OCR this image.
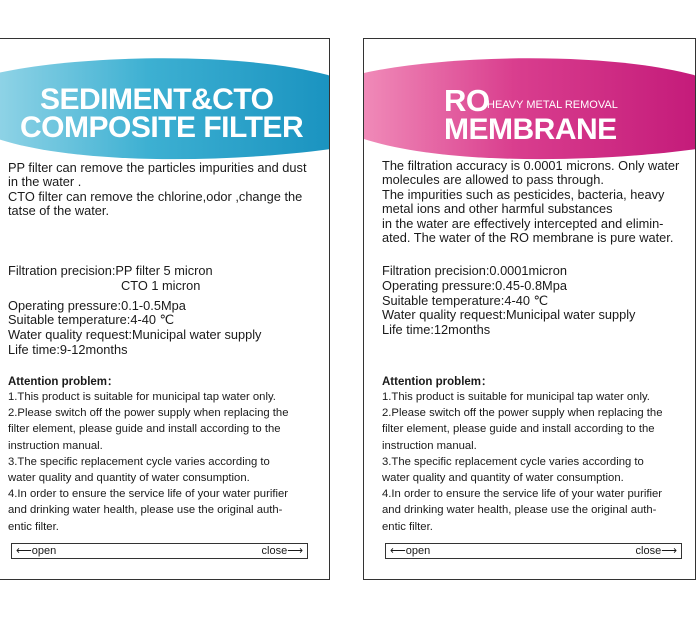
SEDIMENT&CTO
COMPOSITE FILTER
PP filter can remove the particles impurities and dust
in the water .
CTO filter can remove the chlorine,odor ,change the
tatse of the water.
Filtration precision:PP filter 5 micron
CTO 1 micron
Operating pressure:0.1-0.5Mpa
Suitable temperature:4-40 ℃
Water quality request:Municipal water supply
Life time:9-12months
Attention problem：
1.This product is suitable for municipal tap water only.
2.Please switch off the power supply when replacing the
filter element, please guide and install according to the
instruction manual.
3.The specific replacement cycle varies according to
water quality and quantity of water consumption.
4.In order to ensure the service life of your water purifier
and drinking water health, please use the original auth-
entic filter.
⟵open	close⟶
RO
HEAVY METAL REMOVAL
MEMBRANE
The filtration accuracy is 0.0001 microns. Only water
molecules are allowed to pass through.
The impurities such as pesticides, bacteria, heavy
metal ions and other harmful substances
in the water are effectively intercepted and elimin-
ated. The water of the RO membrane is pure water.
Filtration precision:0.0001micron
Operating pressure:0.45-0.8Mpa
Suitable temperature:4-40 ℃
Water quality request:Municipal water supply
Life time:12months
Attention problem：
1.This product is suitable for municipal tap water only.
2.Please switch off the power supply when replacing the
filter element, please guide and install according to the
instruction manual.
3.The specific replacement cycle varies according to
water quality and quantity of water consumption.
4.In order to ensure the service life of your water purifier
and drinking water health, please use the original auth-
entic filter.
⟵open	close⟶
